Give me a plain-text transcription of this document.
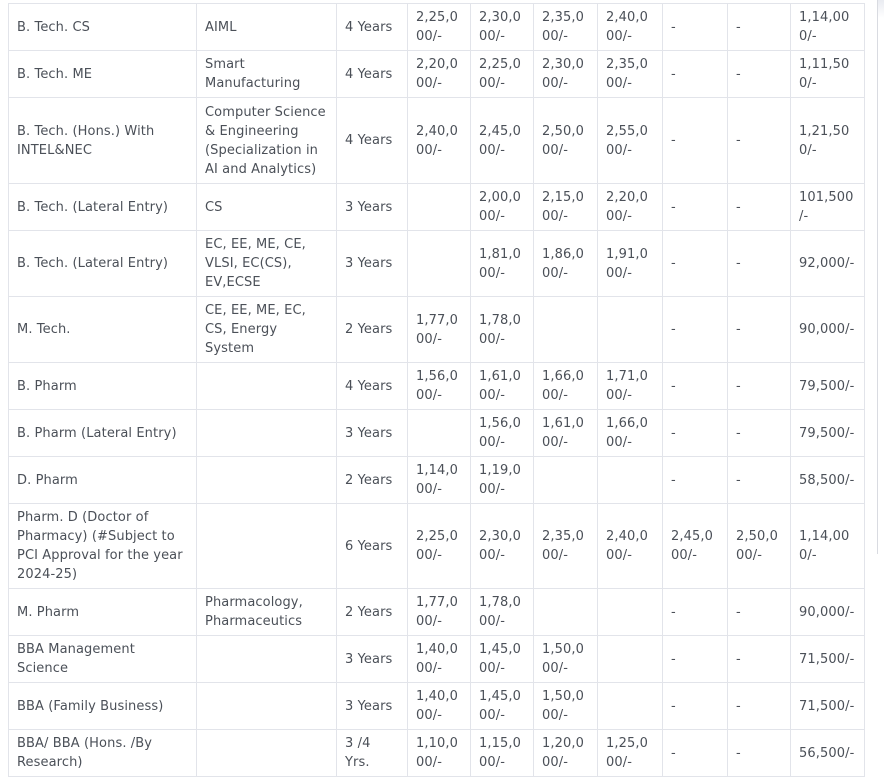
B. Tech. CS	AIML	4 Years	2,25,000/-	2,30,000/-	2,35,000/-	2,40,000/-	-	-	1,14,000/-
B. Tech. ME	Smart Manufacturing	4 Years	2,20,000/-	2,25,000/-	2,30,000/-	2,35,000/-	-	-	1,11,500/-
B. Tech. (Hons.) With INTEL&NEC	Computer Science & Engineering (Specialization in AI and Analytics)	4 Years	2,40,000/-	2,45,000/-	2,50,000/-	2,55,000/-	-	-	1,21,500/-
B. Tech. (Lateral Entry)	CS	3 Years		2,00,000/-	2,15,000/-	2,20,000/-	-	-	101,500/-
B. Tech. (Lateral Entry)	EC, EE, ME, CE, VLSI, EC(CS), EV,ECSE	3 Years		1,81,000/-	1,86,000/-	1,91,000/-	-	-	92,000/-
M. Tech.	CE, EE, ME, EC, CS, Energy System	2 Years	1,77,000/-	1,78,000/-			-	-	90,000/-
B. Pharm		4 Years	1,56,000/-	1,61,000/-	1,66,000/-	1,71,000/-	-	-	79,500/-
B. Pharm (Lateral Entry)		3 Years		1,56,000/-	1,61,000/-	1,66,000/-	-	-	79,500/-
D. Pharm		2 Years	1,14,000/-	1,19,000/-			-	-	58,500/-
Pharm. D (Doctor of Pharmacy) (#Subject to PCI Approval for the year 2024-25)		6 Years	2,25,000/-	2,30,000/-	2,35,000/-	2,40,000/-	2,45,000/-	2,50,000/-	1,14,000/-
M. Pharm	Pharmacology, Pharmaceutics	2 Years	1,77,000/-	1,78,000/-			-	-	90,000/-
BBA Management Science		3 Years	1,40,000/-	1,45,000/-	1,50,000/-		-	-	71,500/-
BBA (Family Business)		3 Years	1,40,000/-	1,45,000/-	1,50,000/-		-	-	71,500/-
BBA/ BBA (Hons. /By Research)		3 /4 Yrs.	1,10,000/-	1,15,000/-	1,20,000/-	1,25,000/-	-	-	56,500/-
